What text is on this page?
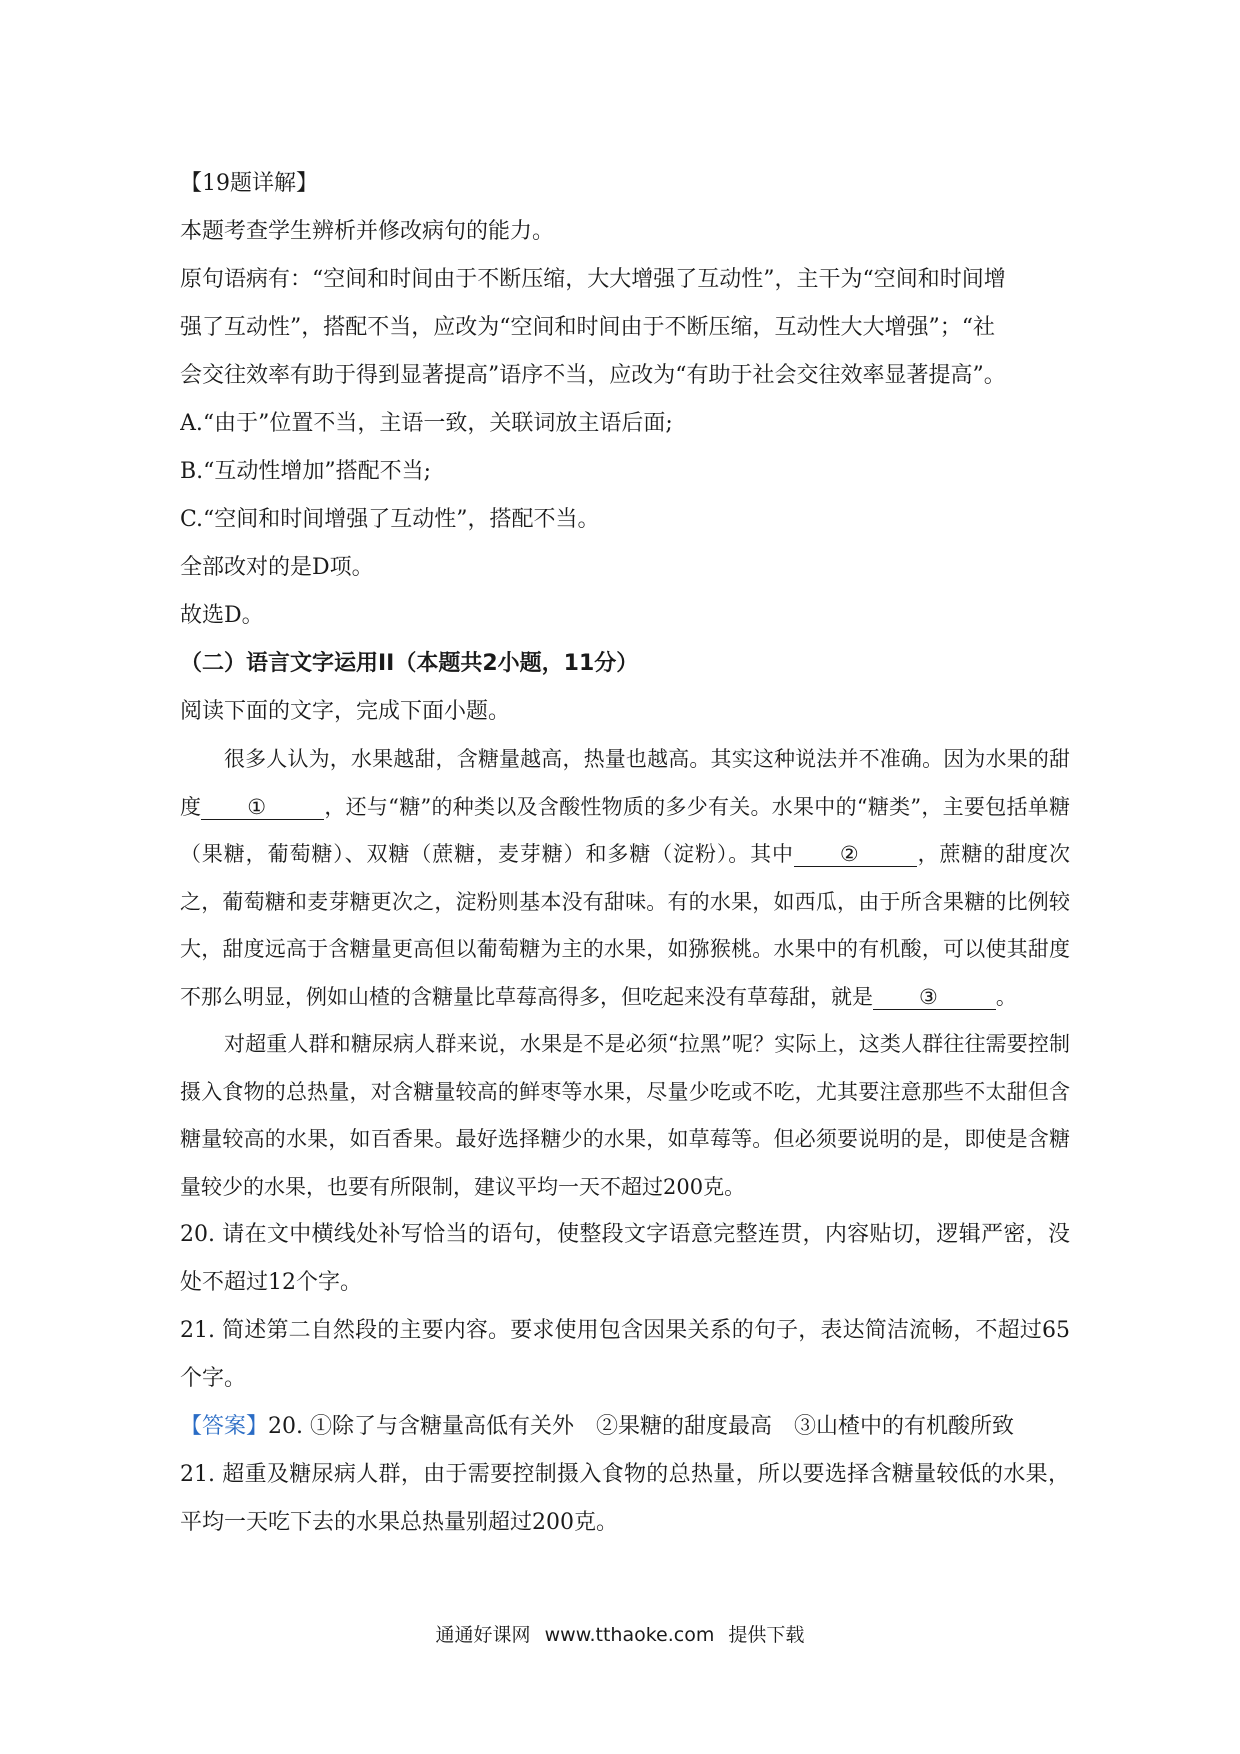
【19题详解】
本题考查学生辨析并修改病句的能力。
原句语病有：“空间和时间由于不断压缩，大大增强了互动性”，主干为“空间和时间增
强了互动性”，搭配不当，应改为“空间和时间由于不断压缩，互动性大大增强”；“社
会交往效率有助于得到显著提高”语序不当，应改为“有助于社会交往效率显著提高”。
A.“由于”位置不当，主语一致，关联词放主语后面;
B.“互动性增加”搭配不当;
C.“空间和时间增强了互动性”，搭配不当。
全部改对的是D项。
故选D。
（二）语言文字运用II（本题共2小题，11分）
阅读下面的文字，完成下面小题。

很多人认为，水果越甜，含糖量越高，热量也越高。其实这种说法并不准确。因为水果的甜度 ①	，还与“糖”的种类以及含酸性物质的多少有关。水果中的“糖类”，主要包括单糖（果糖，葡萄糖）、双糖（蔗糖，麦芽糖）和多糖（淀粉）。其中 ②	，蔗糖的甜度次之，葡萄糖和麦芽糖更次之，淀粉则基本没有甜味。有的水果，如西瓜，由于所含果糖的比例较大，甜度远高于含糖量更高但以葡萄糖为主的水果，如猕猴桃。水果中的有机酸，可以使其甜度不那么明显，例如山楂的含糖量比草莓高得多，但吃起来没有草莓甜，就是 ③	。

对超重人群和糖尿病人群来说，水果是不是必须“拉黑”呢？实际上，这类人群往往需要控制摄入食物的总热量，对含糖量较高的鲜枣等水果，尽量少吃或不吃，尤其要注意那些不太甜但含糖量较高的水果，如百香果。最好选择糖少的水果，如草莓等。但必须要说明的是，即使是含糖量较少的水果，也要有所限制，建议平均一天不超过200克。

20. 请在文中横线处补写恰当的语句，使整段文字语意完整连贯，内容贴切，逻辑严密，没处不超过12个字。

21. 简述第二自然段的主要内容。要求使用包含因果关系的句子，表达简洁流畅，不超过65个字。

【答案】20. ①除了与含糖量高低有关外　②果糖的甜度最高　③山楂中的有机酸所致

21. 超重及糖尿病人群，由于需要控制摄入食物的总热量，所以要选择含糖量较低的水果，平均一天吃下去的水果总热量别超过200克。

通通好课网 www.tthaoke.com 提供下载
